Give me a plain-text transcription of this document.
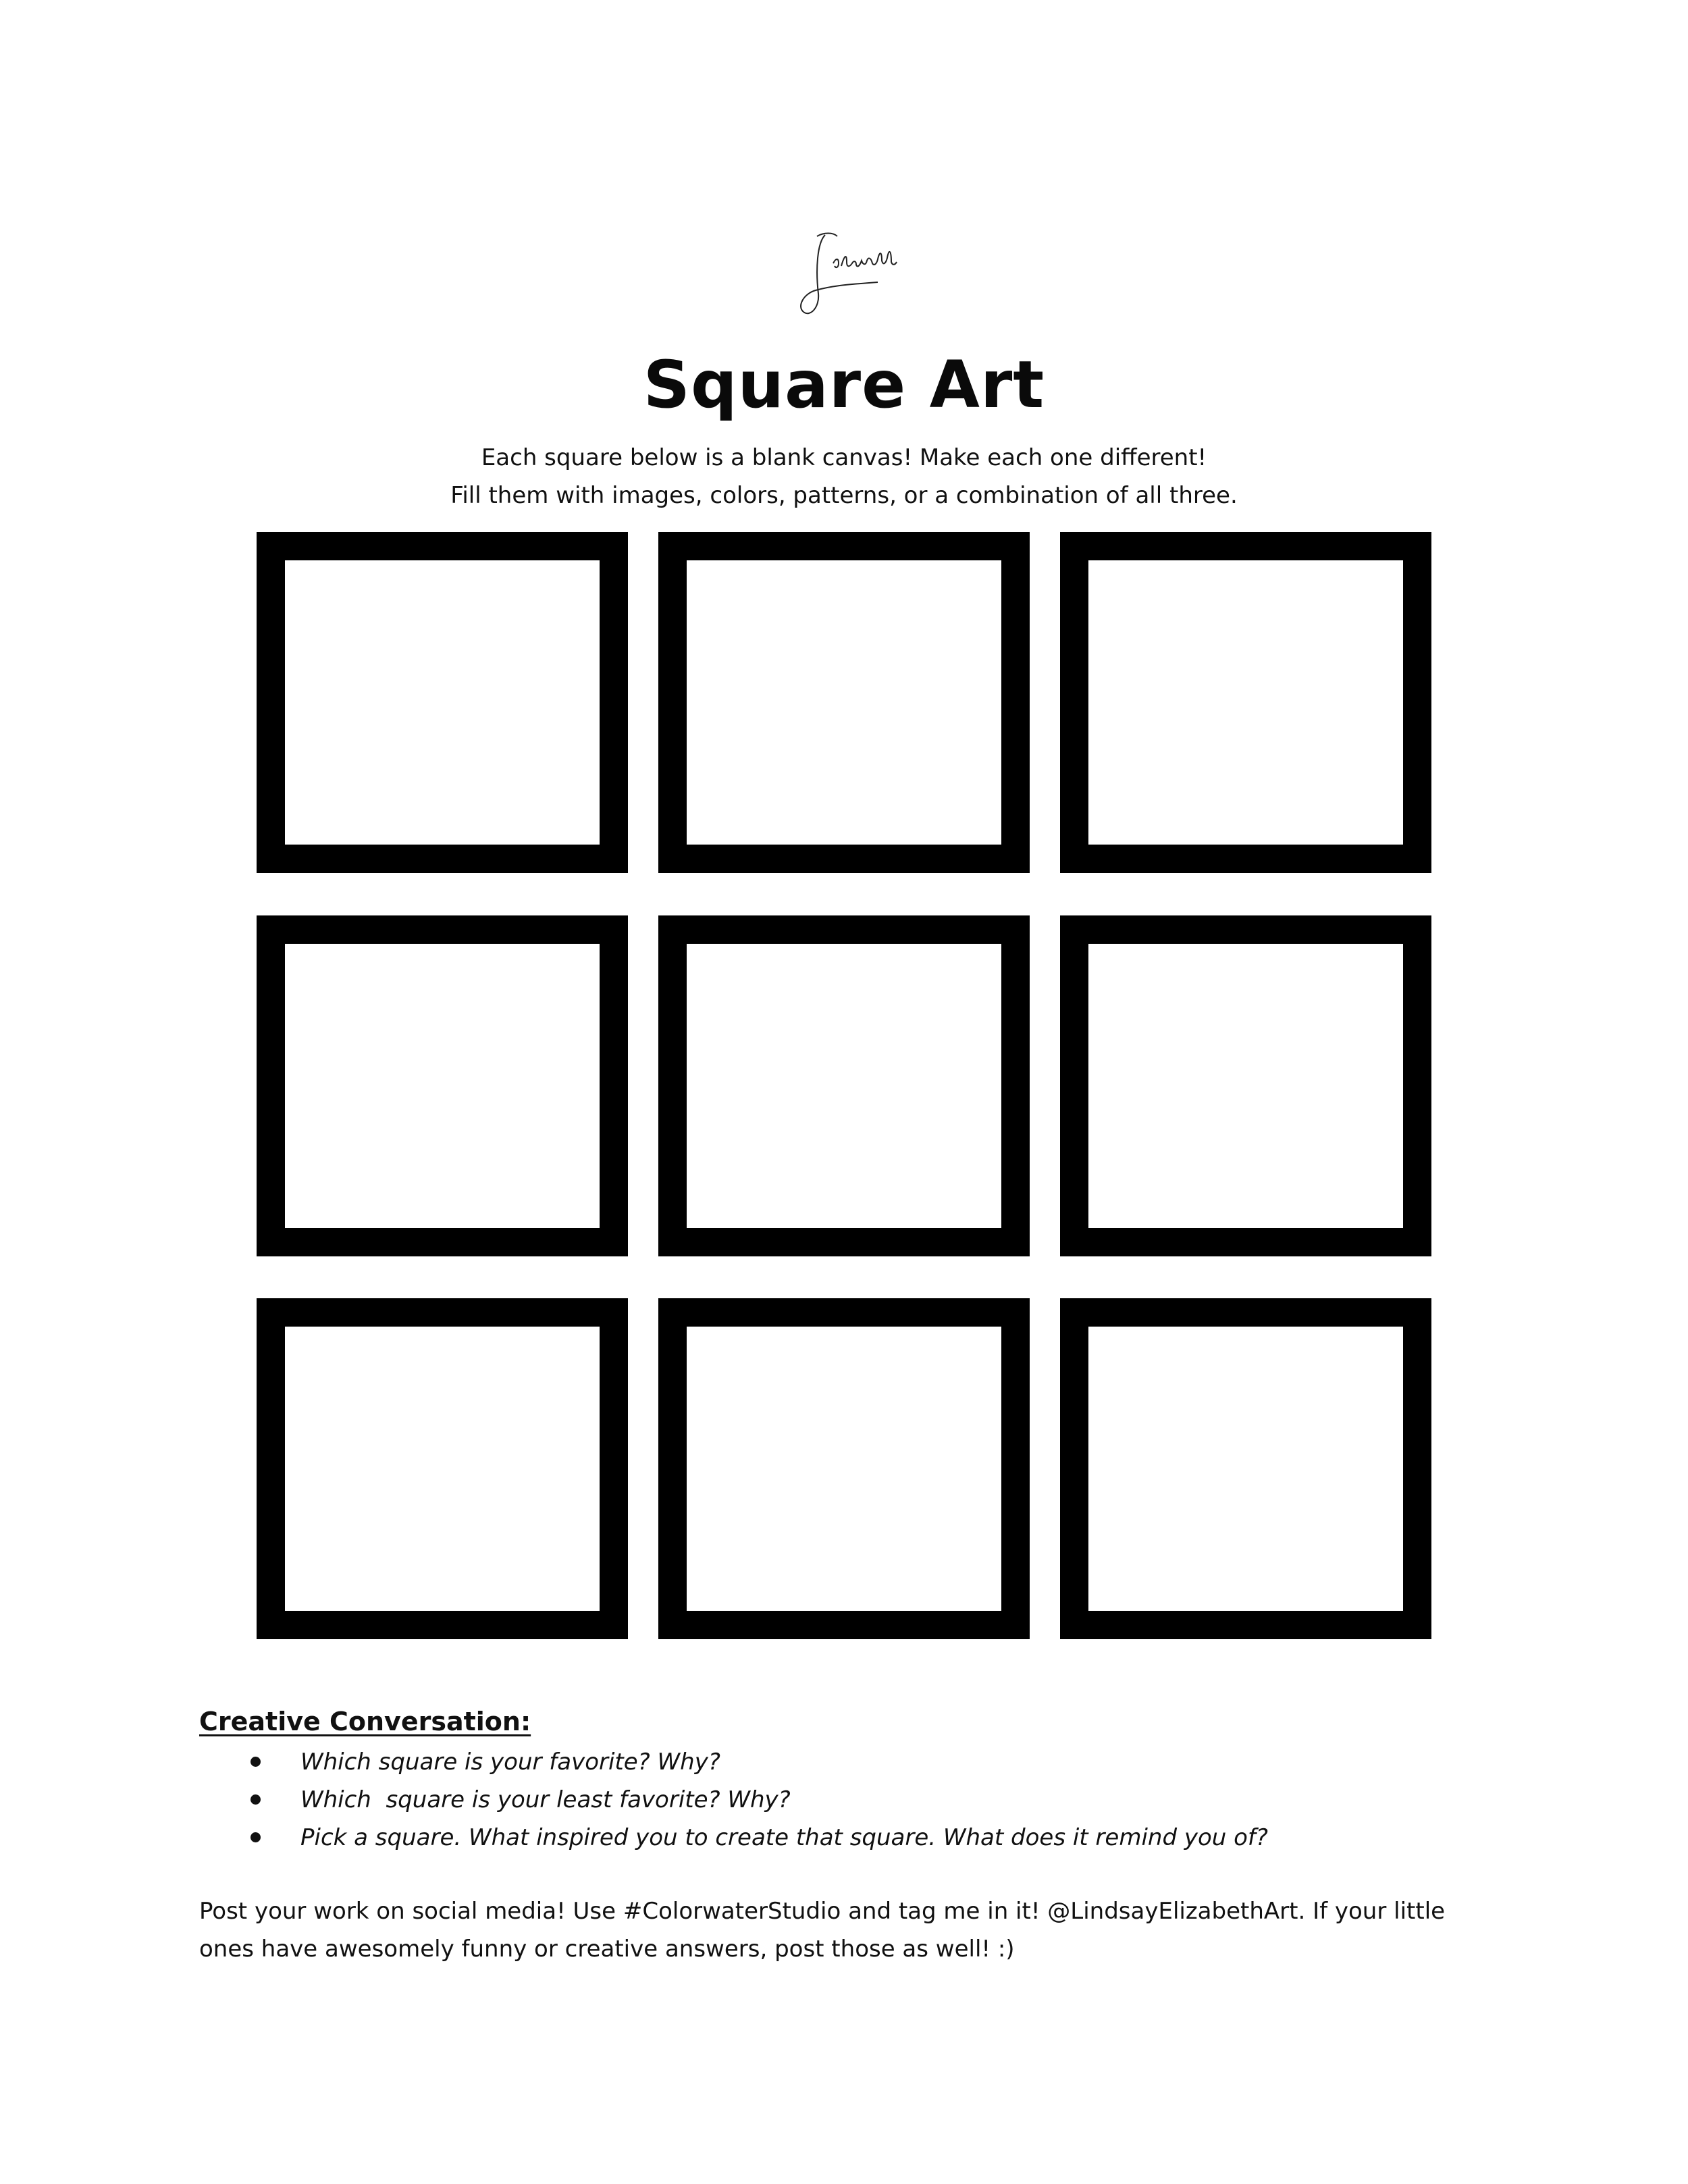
Square Art
Each square below is a blank canvas! Make each one different!
Fill them with images, colors, patterns, or a combination of all three.
Creative Conversation:
Which square is your favorite? Why?
Which  square is your least favorite? Why?
Pick a square. What inspired you to create that square. What does it remind you of?
Post your work on social media! Use #ColorwaterStudio and tag me in it! @LindsayElizabethArt. If your little ones have awesomely funny or creative answers, post those as well! :)
